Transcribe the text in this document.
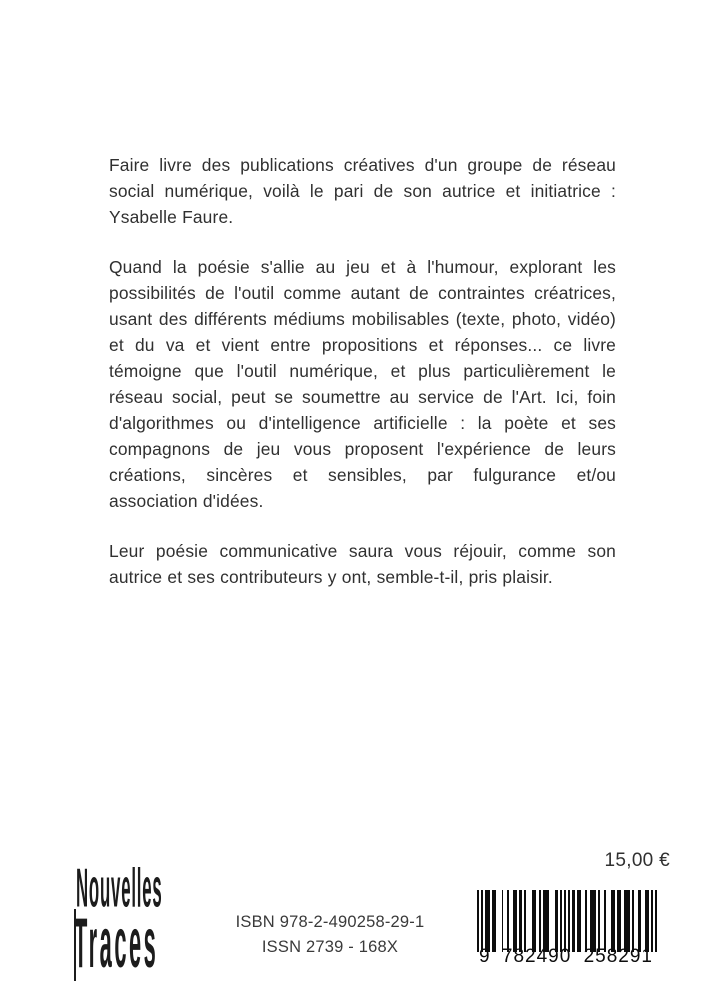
Faire livre des publications créatives d'un groupe de réseau social numérique, voilà le pari de son autrice et initiatrice : Ysabelle Faure.

Quand la poésie s'allie au jeu et à l'humour, explorant les possibilités de l'outil comme autant de contraintes créatrices, usant des différents médiums mobilisables (texte, photo, vidéo) et du va et vient entre propositions et réponses... ce livre témoigne que l'outil numérique, et plus particulièrement le réseau social, peut se soumettre au service de l'Art. Ici, foin d'algorithmes ou d'intelligence artificielle : la poète et ses compagnons de jeu vous proposent l'expérience de leurs créations, sincères et sensibles, par fulgurance et/ou association d'idées.

Leur poésie communicative saura vous réjouir, comme son autrice et ses contributeurs y ont, semble-t-il, pris plaisir.

Nouvelles
Traces	ISBN 978-2-490258-29-1
ISSN 2739 - 168X
15,00 €
9 782490 258291
